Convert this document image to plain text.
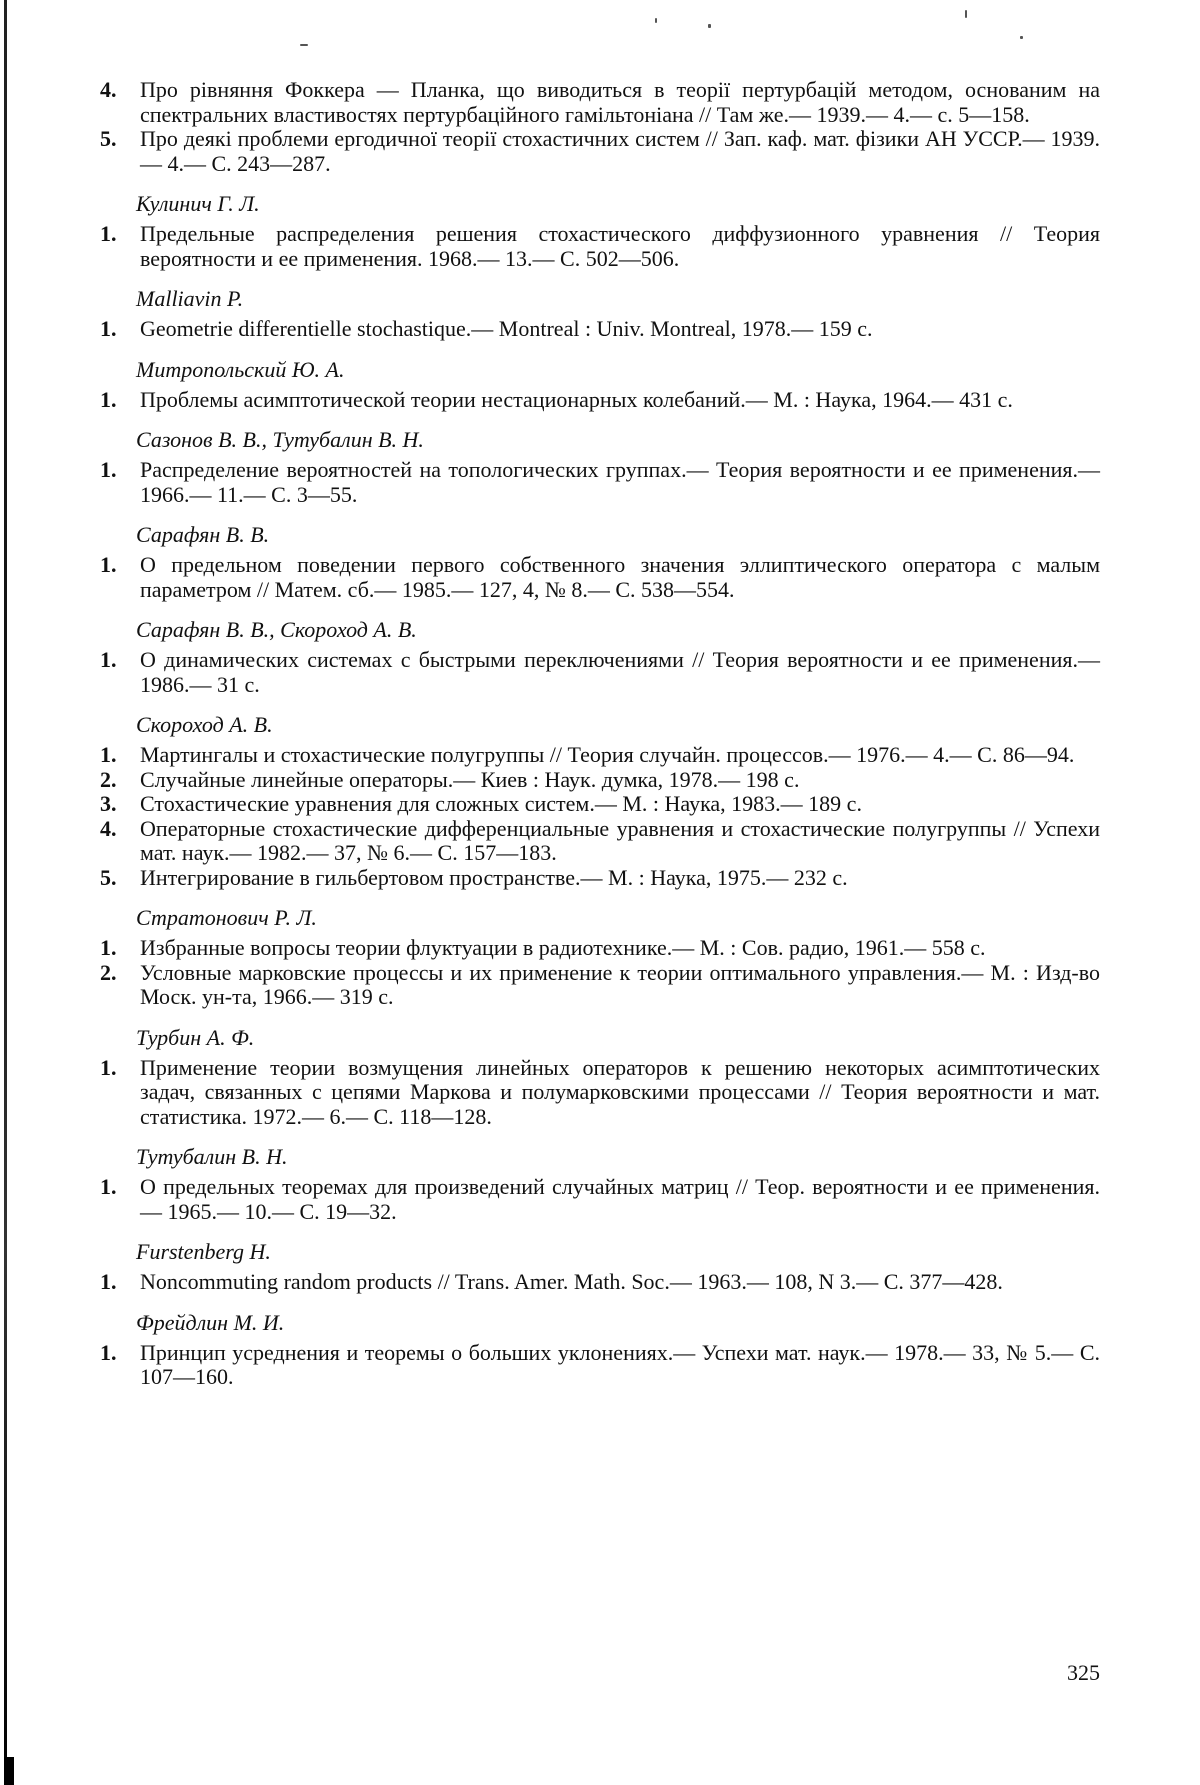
4.	Про рівняння Фоккера — Планка, що виводиться в теорії пертурбацій методом, основаним на спектральних властивостях пертурбаційного гамільтоніана // Там же.— 1939.— 4.— с. 5—158.
5.	Про деякі проблеми ергодичної теорії стохастичних систем // Зап. каф. мат. фізики АН УССР.— 1939.— 4.— С. 243—287.
Кулинич Г. Л.
1.	Предельные распределения решения стохастического диффузионного уравнения // Теория вероятности и ее применения. 1968.— 13.— С. 502—506.
Malliavin P.
1.	Geometrie differentielle stochastique.— Montreal : Univ. Montreal, 1978.— 159 с.
Митропольский Ю. А.
1.	Проблемы асимптотической теории нестационарных колебаний.— М. : Наука, 1964.— 431 с.
Сазонов В. В., Тутубалин В. Н.
1.	Распределение вероятностей на топологических группах.— Теория вероятности и ее применения.— 1966.— 11.— С. 3—55.
Сарафян В. В.
1.	О предельном поведении первого собственного значения эллиптического оператора с малым параметром // Матем. сб.— 1985.— 127, 4, № 8.— С. 538—554.
Сарафян В. В., Скороход А. В.
1.	О динамических системах с быстрыми переключениями // Теория вероятности и ее применения.— 1986.— 31 с.
Скороход А. В.
1.	Мартингалы и стохастические полугруппы // Теория случайн. процессов.— 1976.— 4.— С. 86—94.
2.	Случайные линейные операторы.— Киев : Наук. думка, 1978.— 198 с.
3.	Стохастические уравнения для сложных систем.— М. : Наука, 1983.— 189 с.
4.	Операторные стохастические дифференциальные уравнения и стохастические полугруппы // Успехи мат. наук.— 1982.— 37, № 6.— С. 157—183.
5.	Интегрирование в гильбертовом пространстве.— М. : Наука, 1975.— 232 с.
Стратонович Р. Л.
1.	Избранные вопросы теории флуктуации в радиотехнике.— М. : Сов. радио, 1961.— 558 с.
2.	Условные марковские процессы и их применение к теории оптимального управления.— М. : Изд-во Моск. ун-та, 1966.— 319 с.
Турбин А. Ф.
1.	Применение теории возмущения линейных операторов к решению некоторых асимптотических задач, связанных с цепями Маркова и полумарковскими процессами // Теория вероятности и мат. статистика. 1972.— 6.— С. 118—128.
Тутубалин В. Н.
1.	О предельных теоремах для произведений случайных матриц // Теор. вероятности и ее применения.— 1965.— 10.— С. 19—32.
Furstenberg H.
1.	Noncommuting random products // Trans. Amer. Math. Soc.— 1963.— 108, N 3.— С. 377—428.
Фрейдлин М. И.
1.	Принцип усреднения и теоремы о больших уклонениях.— Успехи мат. наук.— 1978.— 33, № 5.— С. 107—160.
325
